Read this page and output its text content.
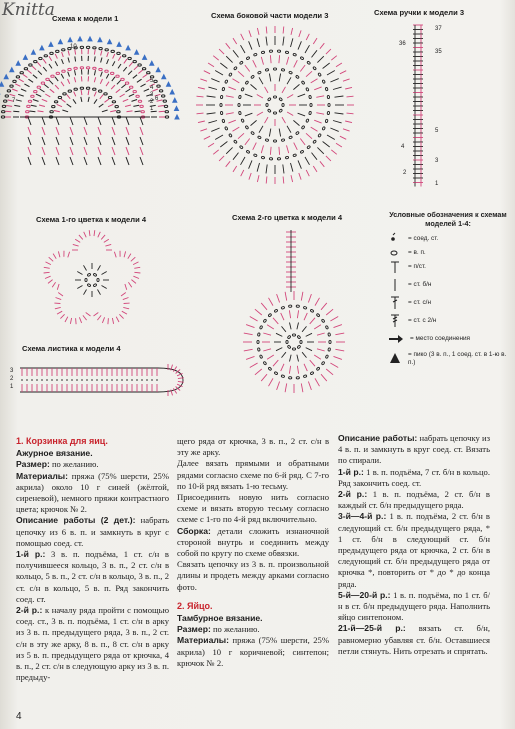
Knitta
Схема к модели 1	Схема боковой части модели 3	Схема ручки к модели 3
Схема 1-го цветка к модели 4	Схема 2-го цветка к модели 4
Схема листика к модели 4
10
5
4
3
2
1
6
7
37
36
35
5
4
3
2
1
3
2
1
Условные обозначения к схемам моделей 1-4:
= соед. ст.
= в. п.
= п/ст.
= ст. б/н
= ст. с/н
= ст. с 2/н
= место соединения
= пико (3 в. п., 1 соед. ст. в 1-ю в. п.)

1. Корзинка для яиц.

Ажурное вязание.

Размер: по желанию.

Материалы: пряжа (75% шерсти, 25% акрила) около 10 г синей (жёлтой, сиреневой), немного пряжи контрастного цвета; крючок № 2.

Описание работы (2 дет.): набрать цепочку из 6 в. п. и замкнуть в круг с помощью соед. ст.

1-й р.: 3 в. п. подъёма, 1 ст. с/н в получившееся кольцо, 3 в. п., 2 ст. с/н в кольцо, 5 в. п., 2 ст. с/н в кольцо, 3 в. п., 2 ст. с/н в кольцо, 5 в. п. Ряд закончить соед. ст.

2-й р.: к началу ряда пройти с помощью соед. ст., 3 в. п. подъёма, 1 ст. с/н в арку из 3 в. п. предыдущего ряда, 3 в. п., 2 ст. с/н в эту же арку, 8 в. п., 8 ст. с/н в арку из 5 в. п. предыдущего ряда от крючка, 4 в. п., 2 ст. с/н в следующую арку из 3 в. п. предыду-

щего ряда от крючка, 3 в. п., 2 ст. с/н в эту же арку.

Далее вязать прямыми и обратными рядами согласно схеме по 6-й ряд. С 7-го по 10-й ряд вязать 1-ю тесьму.

Присоединить новую нить согласно схеме и вязать вторую тесьму согласно схеме с 1-го по 4-й ряд включительно.

Сборка: детали сложить изнаночной стороной внутрь и соединить между собой по кругу по схеме обвязки.

Связать цепочку из 3 в. п. произвольной длины и продеть между арками согласно фото.

2. Яйцо.

Тамбурное вязание.

Размер: по желанию.

Материалы: пряжа (75% шерсти, 25% акрила) 10 г коричневой; синтепон; крючок № 2.

Описание работы: набрать цепочку из 4 в. п. и замкнуть в круг соед. ст. Вязать по спирали.

1-й р.: 1 в. п. подъёма, 7 ст. б/н в кольцо. Ряд закончить соед. ст.

2-й р.: 1 в. п. подъёма, 2 ст. б/н в каждый ст. б/н предыдущего ряда.

3-й—4-й р.: 1 в. п. подъёма, 2 ст. б/н в следующий ст. б/н предыдущего ряда, * 1 ст. б/н в следующий ст. б/н предыдущего ряда от крючка, 2 ст. б/н в следующий ст. б/н предыдущего ряда от крючка *, повторить от * до * до конца ряда.

5-й—20-й р.: 1 в. п. подъёма, по 1 ст. б/н в ст. б/н предыдущего ряда. Наполнить яйцо синтепоном.

21-й—25-й р.: вязать ст. б/н, равномерно убавляя ст. б/н. Оставшиеся петли стянуть. Нить отрезать и спрятать.

4
